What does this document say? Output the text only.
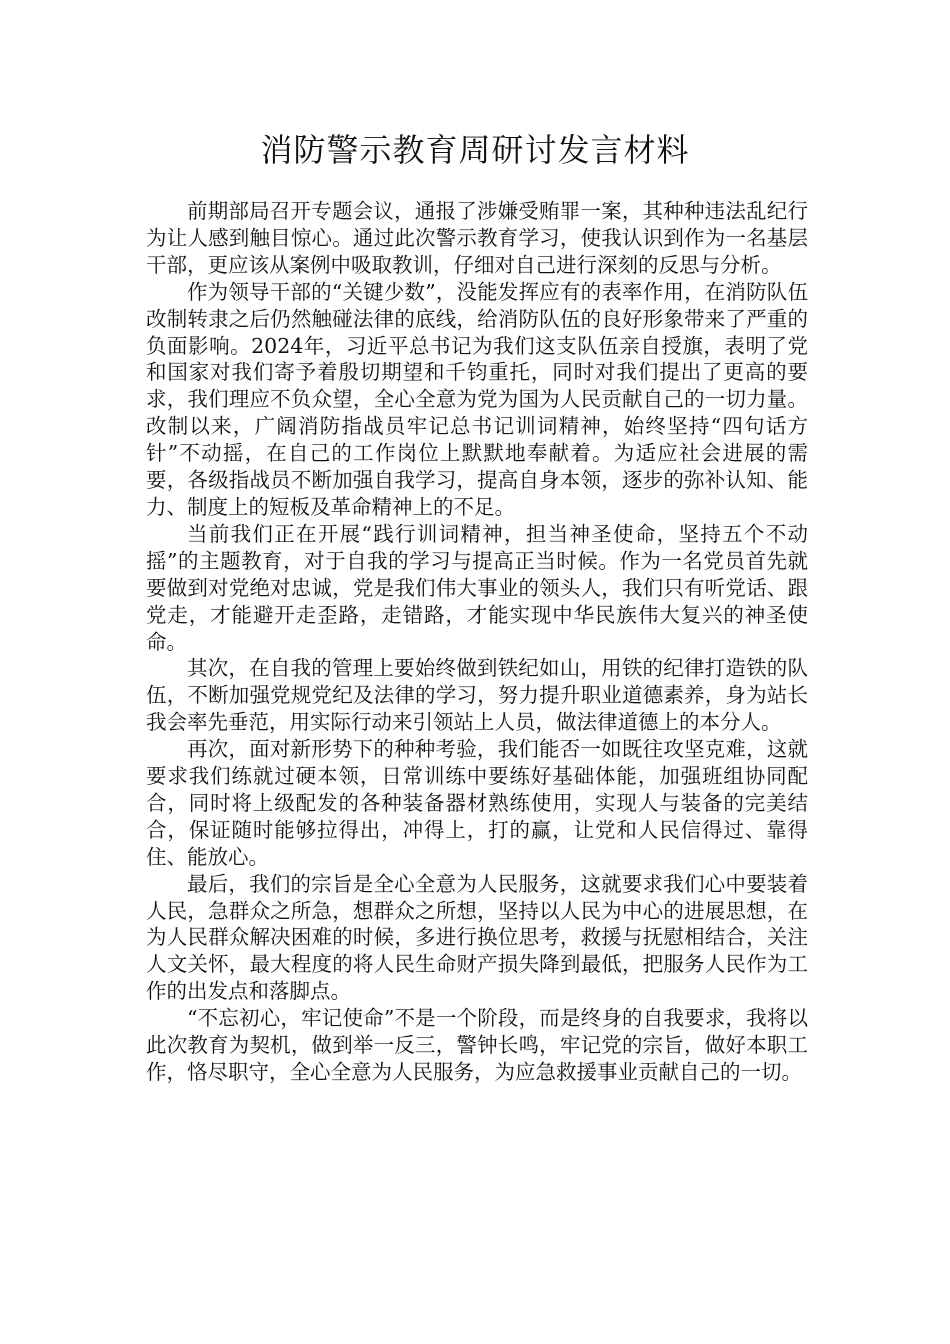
消防警示教育周研讨发言材料

前期部局召开专题会议，通报了涉嫌受贿罪一案，其种种违法乱纪行为让人感到触目惊心。通过此次警示教育学习，使我认识到作为一名基层干部，更应该从案例中吸取教训，仔细对自己进行深刻的反思与分析。

作为领导干部的“关键少数”，没能发挥应有的表率作用，在消防队伍改制转隶之后仍然触碰法律的底线，给消防队伍的良好形象带来了严重的负面影响。2024年，习近平总书记为我们这支队伍亲自授旗，表明了党和国家对我们寄予着殷切期望和千钧重托，同时对我们提出了更高的要求，我们理应不负众望，全心全意为党为国为人民贡献自己的一切力量。改制以来，广阔消防指战员牢记总书记训词精神，始终坚持“四句话方针”不动摇，在自己的工作岗位上默默地奉献着。为适应社会进展的需要，各级指战员不断加强自我学习，提高自身本领，逐步的弥补认知、能力、制度上的短板及革命精神上的不足。

当前我们正在开展“践行训词精神，担当神圣使命，坚持五个不动摇”的主题教育，对于自我的学习与提高正当时候。作为一名党员首先就要做到对党绝对忠诚，党是我们伟大事业的领头人，我们只有听党话、跟党走，才能避开走歪路，走错路，才能实现中华民族伟大复兴的神圣使命。

其次，在自我的管理上要始终做到铁纪如山，用铁的纪律打造铁的队伍，不断加强党规党纪及法律的学习，努力提升职业道德素养，身为站长我会率先垂范，用实际行动来引领站上人员，做法律道德上的本分人。

再次，面对新形势下的种种考验，我们能否一如既往攻坚克难，这就要求我们练就过硬本领，日常训练中要练好基础体能，加强班组协同配合，同时将上级配发的各种装备器材熟练使用，实现人与装备的完美结合，保证随时能够拉得出，冲得上，打的赢，让党和人民信得过、靠得住、能放心。

最后，我们的宗旨是全心全意为人民服务，这就要求我们心中要装着人民，急群众之所急，想群众之所想，坚持以人民为中心的进展思想，在为人民群众解决困难的时候，多进行换位思考，救援与抚慰相结合，关注人文关怀，最大程度的将人民生命财产损失降到最低，把服务人民作为工作的出发点和落脚点。

“不忘初心，牢记使命”不是一个阶段，而是终身的自我要求，我将以此次教育为契机，做到举一反三，警钟长鸣，牢记党的宗旨，做好本职工作，恪尽职守，全心全意为人民服务，为应急救援事业贡献自己的一切。
